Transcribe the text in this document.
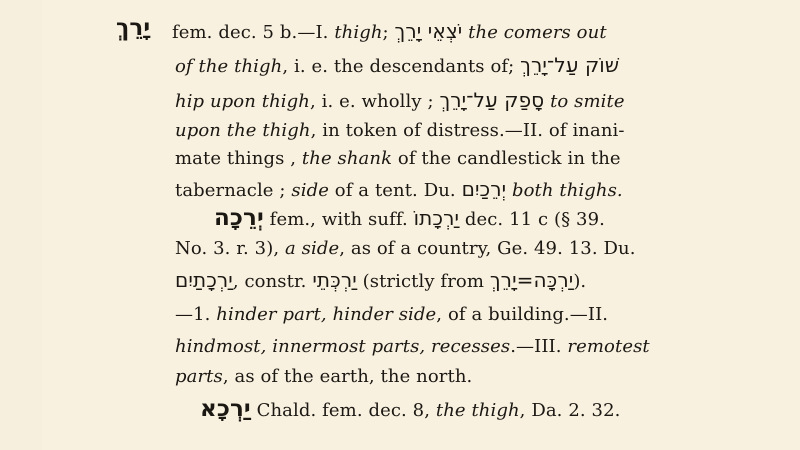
יָרֵךְ fem. dec. 5 b.—I. thigh; יֹצְאֵי יָרֵךְ the comers out
of the thigh, i. e. the descendants of; שׁוֹק עַל־יָרֵךְ
hip upon thigh, i. e. wholly ; סָפַק עַל־יָרֵךְ to smite
upon the thigh, in token of distress.—II. of inani-
mate things , the shank of the candlestick in the
tabernacle ; side of a tent. Du. יְרֵכַיִם both thighs.
יְרֵכָה fem., with suff. יַרְכָתוֹ dec. 11 c (§ 39.
No. 3. r. 3), a side, as of a country, Ge. 49. 13. Du.
יַרְכָתַיִם, constr. יַרְכְּתֵי (strictly from יַרְכָּה=יָרֵךְ).
—1. hinder part, hinder side, of a building.—II.
hindmost, innermost parts, recesses.—III. remotest
parts, as of the earth, the north.
יַרְכָא Chald. fem. dec. 8, the thigh, Da. 2. 32.
